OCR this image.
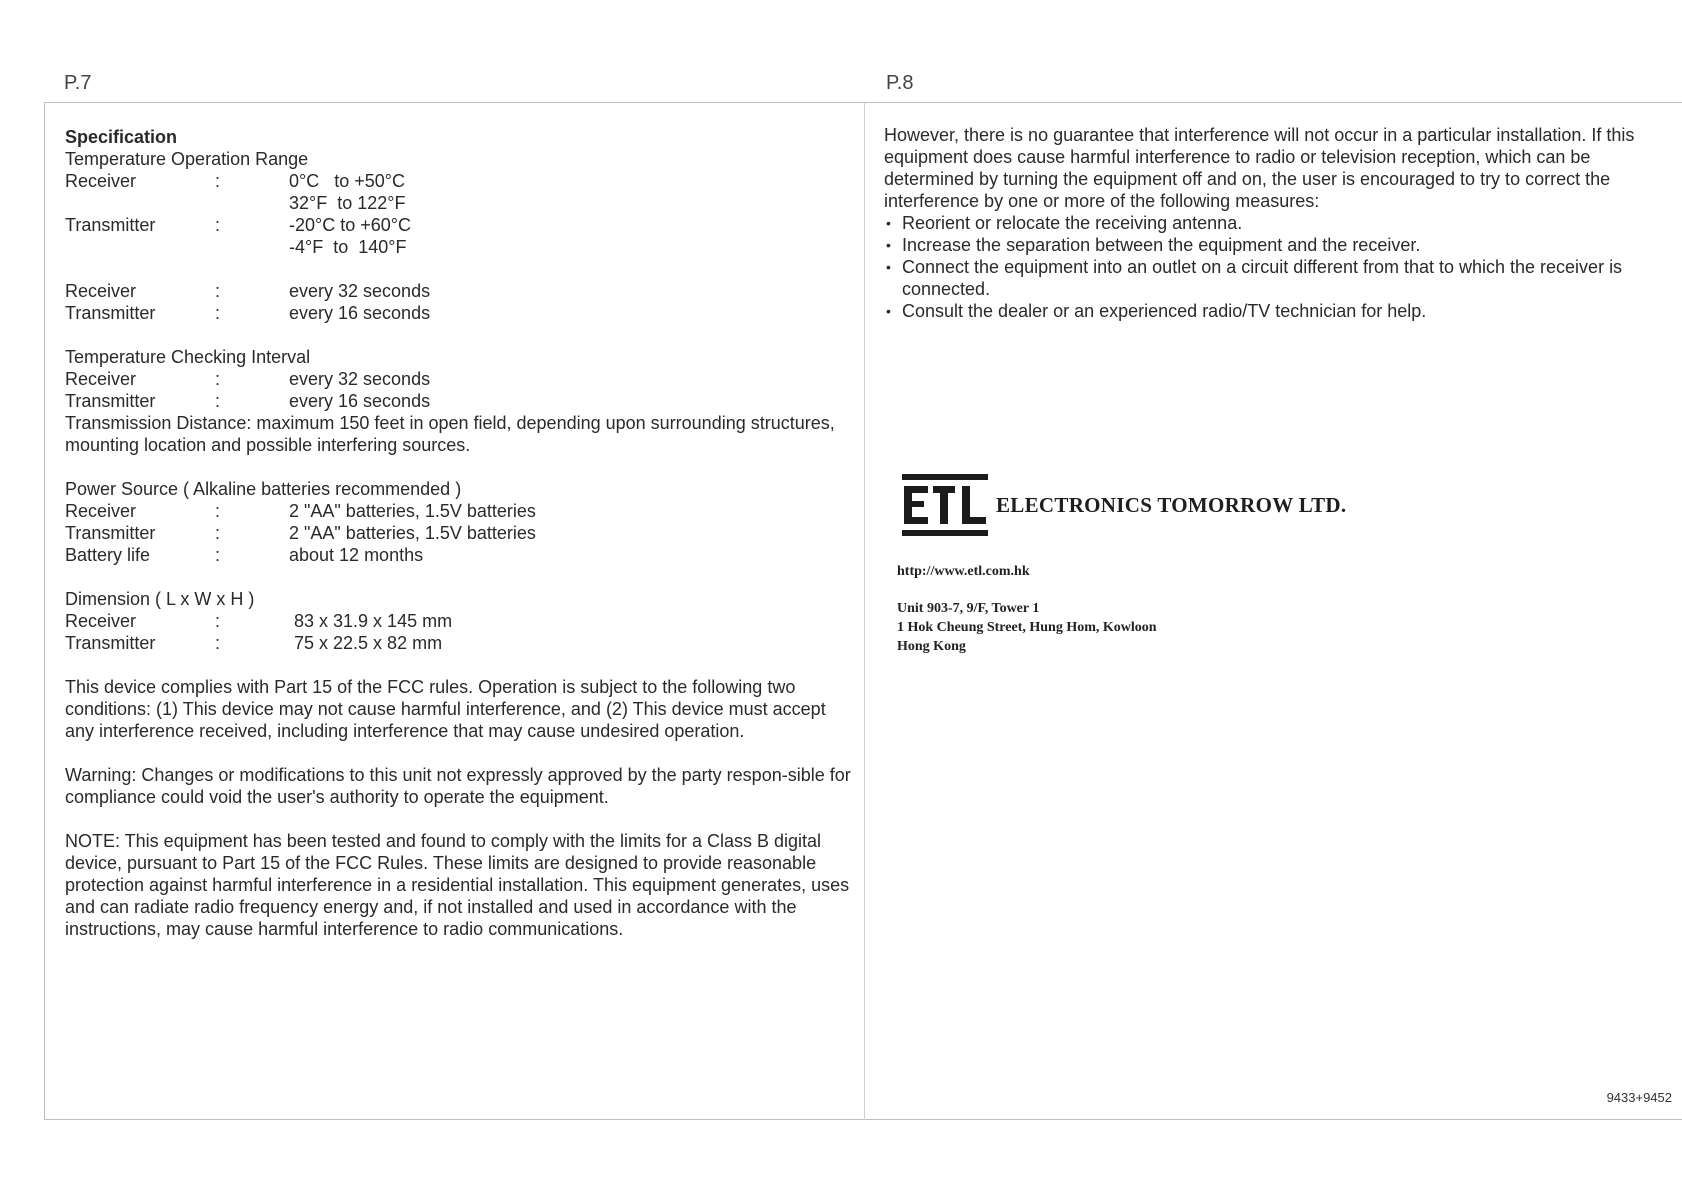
P.7	P.8
Specification
Temperature Operation Range
Receiver	:	0°C   to +50°C
32°F  to 122°F
Transmitter	:	-20°C to +60°C
-4°F  to  140°F
Receiver	:	every 32 seconds
Transmitter	:	every 16 seconds
Temperature Checking Interval
Receiver	:	every 32 seconds
Transmitter	:	every 16 seconds

Transmission Distance: maximum 150 feet in open field, depending upon surrounding structures, mounting location and possible interfering sources.

Power Source ( Alkaline batteries recommended )
Receiver	:	2 "AA" batteries, 1.5V batteries
Transmitter	:	2 "AA" batteries, 1.5V batteries
Battery life	:	about 12 months
Dimension ( L x W x H )
Receiver	:	83 x 31.9 x 145 mm
Transmitter	:	75 x 22.5 x 82 mm

This device complies with Part 15 of the FCC rules. Operation is subject to the following two conditions: (1) This device may not cause harmful interference, and (2) This device must accept any interference received, including interference that may cause undesired operation.

Warning: Changes or modifications to this unit not expressly approved by the party respon-sible for compliance could void the user's authority to operate the equipment.

NOTE: This equipment has been tested and found to comply with the limits for a Class B digital device, pursuant to Part 15 of the FCC Rules. These limits are designed to provide reasonable protection against harmful interference in a residential installation. This equipment generates, uses and can radiate radio frequency energy and, if not installed and used in accordance with the instructions, may cause harmful interference to radio communications.

However, there is no guarantee that interference will not occur in a particular installation. If this equipment does cause harmful interference to radio or television reception, which can be determined by turning the equipment off and on, the user is encouraged to try to correct the interference by one or more of the following measures:
• Reorient or relocate the receiving antenna.
• Increase the separation between the equipment and the receiver.
• Connect the equipment into an outlet on a circuit different from that to which the receiver is connected.
• Consult the dealer or an experienced radio/TV technician for help.
ELECTRONICS TOMORROW LTD.
http://www.etl.com.hk
Unit 903-7, 9/F, Tower 1
1 Hok Cheung Street, Hung Hom, Kowloon
Hong Kong
9433+9452
